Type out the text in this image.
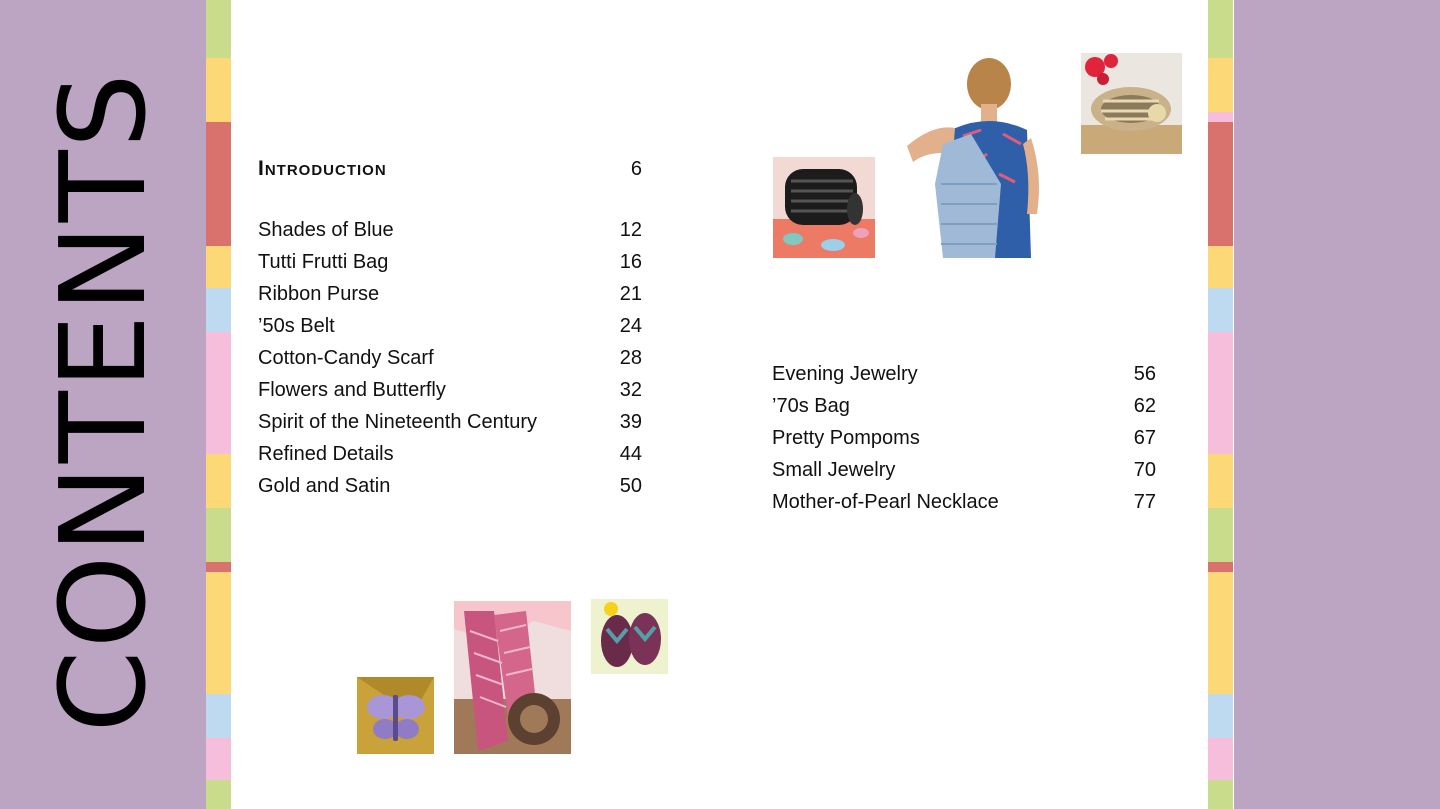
CONTENTS	Introduction	6
Shades of Blue	12
Tutti Frutti Bag	16
Ribbon Purse	21
’50s Belt	24
Cotton-Candy Scarf	28
Flowers and Butterfly	32
Spirit of the Nineteenth Century	39
Refined Details	44
Gold and Satin	50
Evening Jewelry	56
’70s Bag	62
Pretty Pompoms	67
Small Jewelry	70
Mother-of-Pearl Necklace	77
